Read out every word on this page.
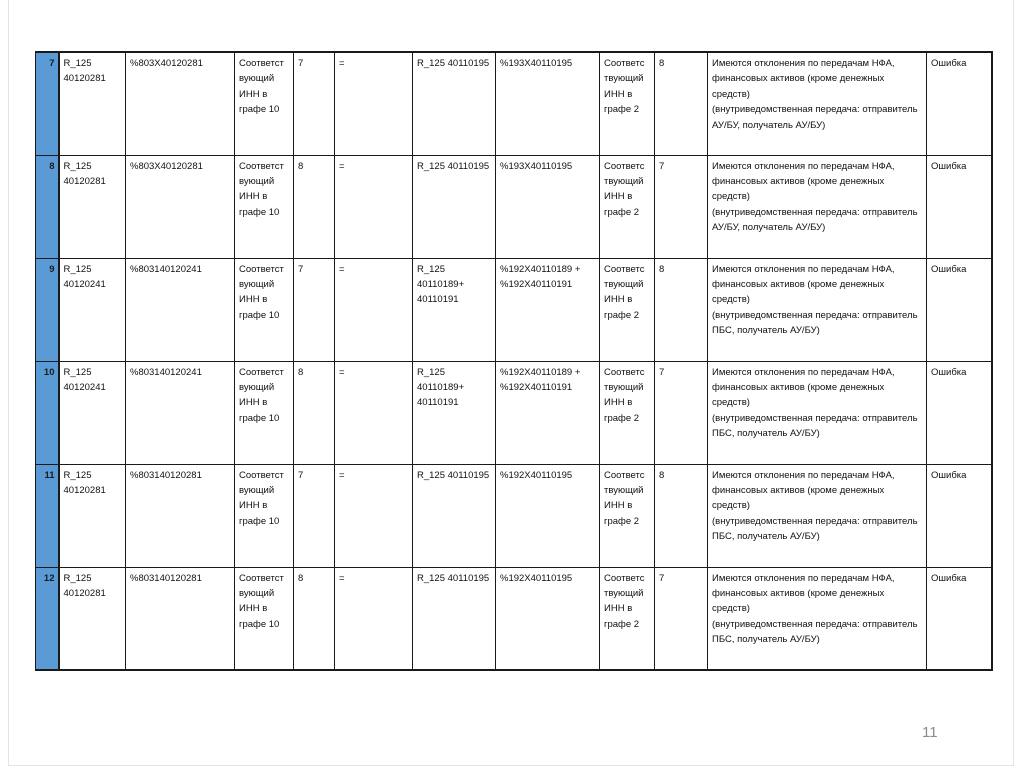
7	R_125 40120281	%803X40120281	Соответст вующий ИНН в графе 10	7	=	R_125 40110195	%193X40110195	Соответс твующий ИНН в графе 2	8	Имеются отклонения по передачам НФА, финансовых активов (кроме денежных средств)
(внутриведомственная передача: отправитель АУ/БУ, получатель АУ/БУ)	Ошибка
8	R_125 40120281	%803X40120281	Соответст вующий ИНН в графе 10	8	=	R_125 40110195	%193X40110195	Соответс твующий ИНН в графе 2	7	Имеются отклонения по передачам НФА, финансовых активов (кроме денежных средств)
(внутриведомственная передача: отправитель АУ/БУ, получатель АУ/БУ)	Ошибка
9	R_125 40120241	%803140120241	Соответст вующий ИНН в графе 10	7	=	R_125 40110189+ 40110191	%192X40110189 + %192X40110191	Соответс твующий ИНН в графе 2	8	Имеются отклонения по передачам НФА, финансовых активов (кроме денежных средств)
(внутриведомственная передача: отправитель ПБС, получатель АУ/БУ)	Ошибка
10	R_125 40120241	%803140120241	Соответст вующий ИНН в графе 10	8	=	R_125 40110189+ 40110191	%192X40110189 + %192X40110191	Соответс твующий ИНН в графе 2	7	Имеются отклонения по передачам НФА, финансовых активов (кроме денежных средств)
(внутриведомственная передача: отправитель ПБС, получатель АУ/БУ)	Ошибка
11	R_125 40120281	%803140120281	Соответст вующий ИНН в графе 10	7	=	R_125 40110195	%192X40110195	Соответс твующий ИНН в графе 2	8	Имеются отклонения по передачам НФА, финансовых активов (кроме денежных средств)
(внутриведомственная передача: отправитель ПБС, получатель АУ/БУ)	Ошибка
12	R_125 40120281	%803140120281	Соответст вующий ИНН в графе 10	8	=	R_125 40110195	%192X40110195	Соответс твующий ИНН в графе 2	7	Имеются отклонения по передачам НФА, финансовых активов (кроме денежных средств)
(внутриведомственная передача: отправитель ПБС, получатель АУ/БУ)	Ошибка
11
